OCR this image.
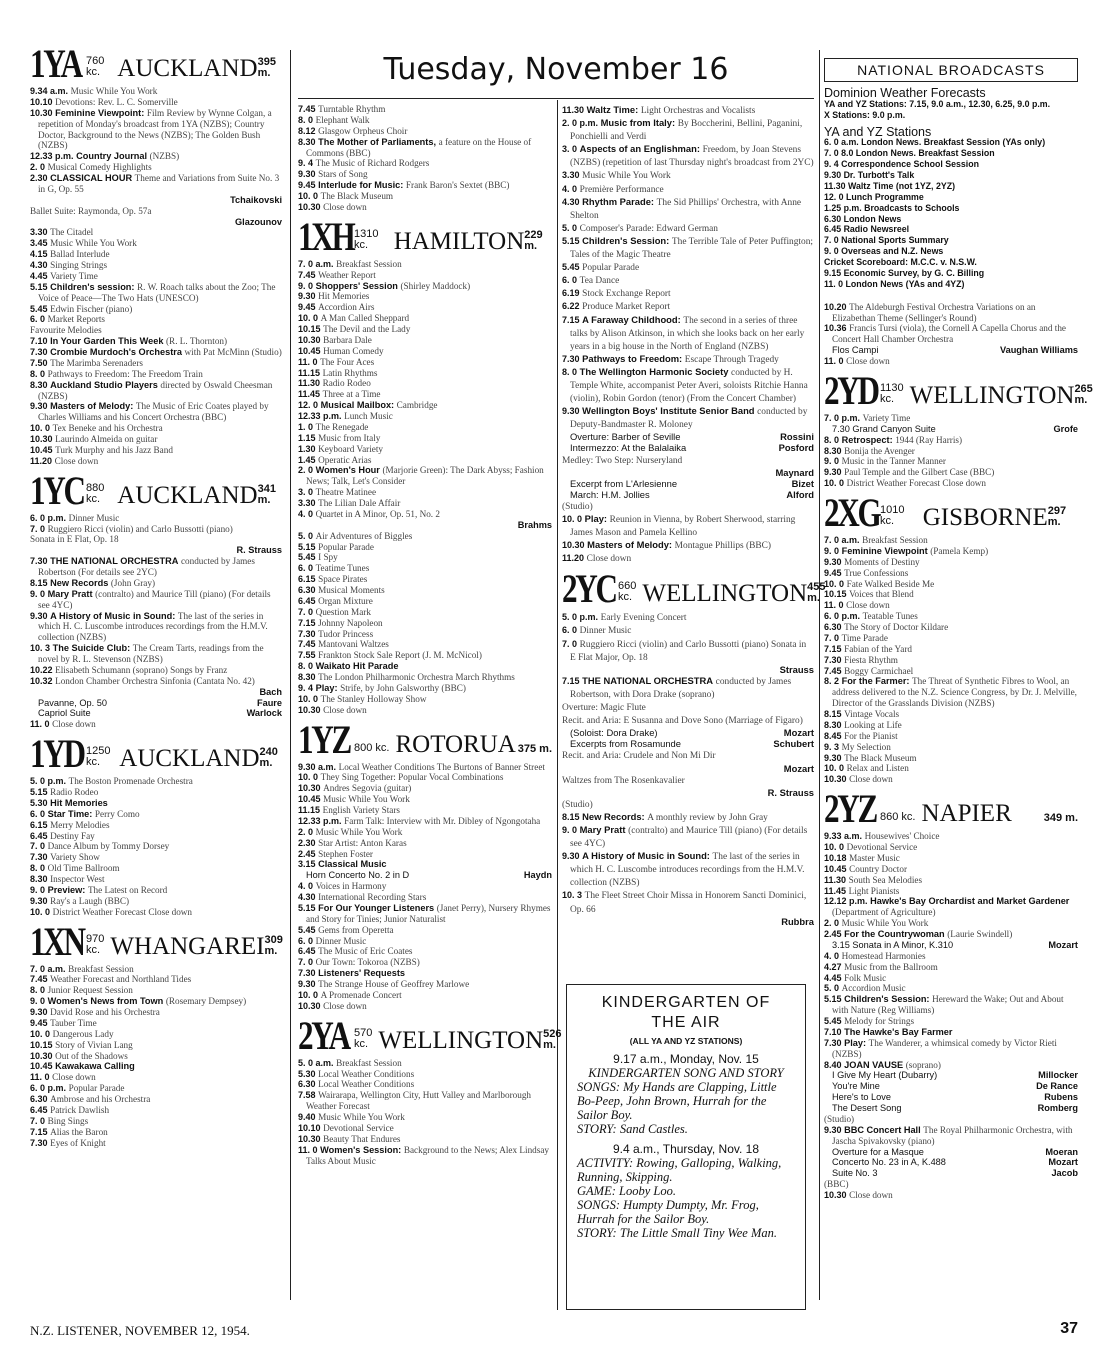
Tuesday, November 16
1YA 760 kc. AUCKLAND 395 m.
9.34 a.m. Music While You Work
10.10 Devotions: Rev. L. C. Somerville
10.30 Feminine Viewpoint: Film Review by Wynne Colgan, a repetition of Monday's broadcast from 1YA (NZBS); Country Doctor, Background to the News (NZBS); The Golden Bush (NZBS)
12.33 p.m. Country Journal (NZBS)
2. 0 Musical Comedy Highlights
2.30 CLASSICAL HOUR Theme and Variations from Suite No. 3 in G, Op. 55
Tchaikovski
Ballet Suite: Raymonda, Op. 57a
Glazounov
3.30 The Citadel
3.45 Music While You Work
4.15 Ballad Interlude
4.30 Singing Strings
4.45 Variety Time
5.15 Children's session: R. W. Roach talks about the Zoo; The Voice of Peace—The Two Hats (UNESCO)
5.45 Edwin Fischer (piano)
6. 0 Market Reports
Favourite Melodies
7.10 In Your Garden This Week (R. L. Thornton)
7.30 Crombie Murdoch's Orchestra with Pat McMinn (Studio)
7.50 The Marimba Serenaders
8. 0 Pathways to Freedom: The Freedom Train
8.30 Auckland Studio Players directed by Oswald Cheesman (NZBS)
9.30 Masters of Melody: The Music of Eric Coates played by Charles Williams and his Concert Orchestra (BBC)
10. 0 Tex Beneke and his Orchestra
10.30 Laurindo Almeida on guitar
10.45 Turk Murphy and his Jazz Band
11.20 Close down
1YC 880 kc. AUCKLAND 341 m.
6. 0 p.m. Dinner Music
7. 0 Ruggiero Ricci (violin) and Carlo Bussotti (piano)
Sonata in E Flat, Op. 18
R. Strauss
7.30 THE NATIONAL ORCHESTRA conducted by James Robertson (For details see 2YC)
8.15 New Records (John Gray)
9. 0 Mary Pratt (contralto) and Maurice Till (piano) (For details see 4YC)
9.30 A History of Music in Sound: The last of the series in which H. C. Luscombe introduces recordings from the H.M.V. collection (NZBS)
10. 3 The Suicide Club: The Cream Tarts, readings from the novel by R. L. Stevenson (NZBS)
10.22 Elisabeth Schumann (soprano) Songs by Franz
10.32 London Chamber Orchestra Sinfonia (Cantata No. 42)
Bach
Pavanne, Op. 50	Faure
Capriol Suite	Warlock
11. 0 Close down
1YD 1250 kc. AUCKLAND 240 m.
5. 0 p.m. The Boston Promenade Orchestra
5.15 Radio Rodeo
5.30 Hit Memories
6. 0 Star Time: Perry Como
6.15 Merry Melodies
6.45 Destiny Fay
7. 0 Dance Album by Tommy Dorsey
7.30 Variety Show
8. 0 Old Time Ballroom
8.30 Inspector West
9. 0 Preview: The Latest on Record
9.30 Ray's a Laugh (BBC)
10. 0 District Weather Forecast Close down
1XN 970 kc. WHANGAREI 309 m.
7. 0 a.m. Breakfast Session
7.45 Weather Forecast and Northland Tides
8. 0 Junior Request Session
9. 0 Women's News from Town (Rosemary Dempsey)
9.30 David Rose and his Orchestra
9.45 Tauber Time
10. 0 Dangerous Lady
10.15 Story of Vivian Lang
10.30 Out of the Shadows
10.45 Kawakawa Calling
11. 0 Close down
6. 0 p.m. Popular Parade
6.30 Ambrose and his Orchestra
6.45 Patrick Dawlish
7. 0 Bing Sings
7.15 Alias the Baron
7.30 Eyes of Knight
7.45 Turntable Rhythm
8. 0 Elephant Walk
8.12 Glasgow Orpheus Choir
8.30 The Mother of Parliaments, a feature on the House of Commons (BBC)
9. 4 The Music of Richard Rodgers
9.30 Stars of Song
9.45 Interlude for Music: Frank Baron's Sextet (BBC)
10. 0 The Black Museum
10.30 Close down
1XH 1310 kc.	HAMILTON 229 m.
7. 0 a.m. Breakfast Session
7.45 Weather Report
9. 0 Shoppers' Session (Shirley Maddock)
9.30 Hit Memories
9.45 Accordion Airs
10. 0 A Man Called Sheppard
10.15 The Devil and the Lady
10.30 Barbara Dale
10.45 Human Comedy
11. 0 The Four Aces
11.15 Latin Rhythms
11.30 Radio Rodeo
11.45 Three at a Time
12. 0 Musical Mailbox: Cambridge
12.33 p.m. Lunch Music
1. 0 The Renegade
1.15 Music from Italy
1.30 Keyboard Variety
1.45 Operatic Arias
2. 0 Women's Hour (Marjorie Green): The Dark Abyss; Fashion News; Talk, Let's Consider
3. 0 Theatre Matinee
3.30 The Lilian Dale Affair
4. 0 Quartet in A Minor, Op. 51, No. 2
Brahms
5. 0 Air Adventures of Biggles
5.15 Popular Parade
5.45 I Spy
6. 0 Teatime Tunes
6.15 Space Pirates
6.30 Musical Moments
6.45 Organ Mixture
7. 0 Question Mark
7.15 Johnny Napoleon
7.30 Tudor Princess
7.45 Mantovani Waltzes
7.55 Frankton Stock Sale Report (J. M. McNicol)
8. 0 Waikato Hit Parade
8.30 The London Philharmonic Orchestra March Rhythms
9. 4 Play: Strife, by John Galsworthy (BBC)
10. 0 The Stanley Holloway Show
10.30 Close down
1YZ 800 kc. ROTORUA 375 m.
9.30 a.m. Local Weather Conditions The Burtons of Banner Street
10. 0 They Sing Together: Popular Vocal Combinations
10.30 Andres Segovia (guitar)
10.45 Music While You Work
11.15 English Variety Stars
12.33 p.m. Farm Talk: Interview with Mr. Dibley of Ngongotaha
2. 0 Music While You Work
2.30 Star Artist: Anton Karas
2.45 Stephen Foster
3.15 Classical Music
Horn Concerto No. 2 in D	Haydn
4. 0 Voices in Harmony
4.30 International Recording Stars
5.15 For Our Younger Listeners (Janet Perry), Nursery Rhymes and Story for Tinies; Junior Naturalist
5.45 Gems from Operetta
6. 0 Dinner Music
6.45 The Music of Eric Coates
7. 0 Our Town: Tokoroa (NZBS)
7.30 Listeners' Requests
9.30 The Strange House of Geoffrey Marlowe
10. 0 A Promenade Concert
10.30 Close down
2YA 570 kc. WELLINGTON 526 m.
5. 0 a.m. Breakfast Session
5.30 Local Weather Conditions
6.30 Local Weather Conditions
7.58 Wairarapa, Wellington City, Hutt Valley and Marlborough Weather Forecast
9.40 Music While You Work
10.10 Devotional Service
10.30 Beauty That Endures
11. 0 Women's Session: Background to the News; Alex Lindsay Talks About Music
11.30 Waltz Time: Light Orchestras and Vocalists
2. 0 p.m. Music from Italy: By Boccherini, Bellini, Paganini, Ponchielli and Verdi
3. 0 Aspects of an Englishman: Freedom, by Joan Stevens (NZBS) (repetition of last Thursday night's broadcast from 2YC)
3.30 Music While You Work
4. 0 Première Performance
4.30 Rhythm Parade: The Sid Phillips' Orchestra, with Anne Shelton
5. 0 Composer's Parade: Edward German
5.15 Children's Session: The Terrible Tale of Peter Puffington; Tales of the Magic Theatre
5.45 Popular Parade
6. 0 Tea Dance
6.19 Stock Exchange Report
6.22 Produce Market Report
7.15 A Faraway Childhood: The second in a series of three talks by Alison Atkinson, in which she looks back on her early years in a big house in the North of England (NZBS)
7.30 Pathways to Freedom: Escape Through Tragedy
8. 0 The Wellington Harmonic Society conducted by H. Temple White, accompanist Peter Averi, soloists Ritchie Hanna (violin), Robin Gordon (tenor) (From the Concert Chamber)
9.30 Wellington Boys' Institute Senior Band conducted by Deputy-Bandmaster R. Moloney
Overture: Barber of Seville	Rossini
Intermezzo: At the Balalaika	Posford
Medley: Two Step: Nurseryland
Maynard
Excerpt from L'Arlesienne	Bizet
March: H.M. Jollies	Alford
(Studio)
10. 0 Play: Reunion in Vienna, by Robert Sherwood, starring James Mason and Pamela Kellino
10.30 Masters of Melody: Montague Phillips (BBC)
11.20 Close down
2YC 660 kc. WELLINGTON 455 m.
5. 0 p.m. Early Evening Concert
6. 0 Dinner Music
7. 0 Ruggiero Ricci (violin) and Carlo Bussotti (piano) Sonata in E Flat Major, Op. 18
Strauss
7.15 THE NATIONAL ORCHESTRA conducted by James Robertson, with Dora Drake (soprano)
Overture: Magic Flute
Recit. and Aria: E Susanna and Dove Sono (Marriage of Figaro)
(Soloist: Dora Drake)	Mozart
Excerpts from Rosamunde	Schubert
Recit. and Aria: Crudele and Non Mi Dir
Mozart
Waltzes from The Rosenkavalier
R. Strauss
(Studio)
8.15 New Records: A monthly review by John Gray
9. 0 Mary Pratt (contralto) and Maurice Till (piano) (For details see 4YC)
9.30 A History of Music in Sound: The last of the series in which H. C. Luscombe introduces recordings from the H.M.V. collection (NZBS)
10. 3 The Fleet Street Choir Missa in Honorem Sancti Dominici, Op. 66
Rubbra
NATIONAL BROADCASTS
Dominion Weather Forecasts
YA and YZ Stations: 7.15, 9.0 a.m., 12.30, 6.25, 9.0 p.m.
X Stations: 9.0 p.m.
YA and YZ Stations
6. 0 a.m. London News. Breakfast Session (YAs only)
7. 0 8.0 London News. Breakfast Session
9. 4 Correspondence School Session
9.30 Dr. Turbott's Talk
11.30 Waltz Time (not 1YZ, 2YZ)
12. 0 Lunch Programme
1.25 p.m. Broadcasts to Schools
6.30 London News
6.45 Radio Newsreel
7. 0 National Sports Summary
9. 0 Overseas and N.Z. News
Cricket Scoreboard: M.C.C. v. N.S.W.
9.15 Economic Survey, by G. C. Billing
11. 0 London News (YAs and 4YZ)
10.20 The Aldeburgh Festival Orchestra Variations on an Elizabethan Theme (Sellinger's Round)
10.36 Francis Tursi (viola), the Cornell A Capella Chorus and the Concert Hall Chamber Orchestra
Flos Campi	Vaughan Williams
11. 0 Close down
2YD 1130 kc. WELLINGTON 265 m.
7. 0 p.m. Variety Time
7.30 Grand Canyon Suite	Grofe
8. 0 Retrospect: 1944 (Ray Harris)
8.30 Bonija the Avenger
9. 0 Music in the Tanner Manner
9.30 Paul Temple and the Gilbert Case (BBC)
10. 0 District Weather Forecast Close down
2XG 1010 kc.	GISBORNE 297 m.
7. 0 a.m. Breakfast Session
9. 0 Feminine Viewpoint (Pamela Kemp)
9.30 Moments of Destiny
9.45 True Confessions
10. 0 Fate Walked Beside Me
10.15 Voices that Blend
11. 0 Close down
6. 0 p.m. Teatable Tunes
6.30 The Story of Doctor Kildare
7. 0 Time Parade
7.15 Fabian of the Yard
7.30 Fiesta Rhythm
7.45 Boggy Carmichael
8. 2 For the Farmer: The Threat of Synthetic Fibres to Wool, an address delivered to the N.Z. Science Congress, by Dr. J. Melville, Director of the Grasslands Division (NZBS)
8.15 Vintage Vocals
8.30 Looking at Life
8.45 For the Pianist
9. 3 My Selection
9.30 The Black Museum
10. 0 Relax and Listen
10.30 Close down
2YZ 860 kc. NAPIER	349 m.
9.33 a.m. Housewives' Choice
10. 0 Devotional Service
10.18 Master Music
10.45 Country Doctor
11.30 South Sea Melodies
11.45 Light Pianists
12.12 p.m. Hawke's Bay Orchardist and Market Gardener (Department of Agriculture)
2. 0 Music While You Work
2.45 For the Countrywoman (Laurie Swindell)
3.15 Sonata in A Minor, K.310	Mozart
4. 0 Homestead Harmonies
4.27 Music from the Ballroom
4.45 Folk Music
5. 0 Accordion Music
5.15 Children's Session: Hereward the Wake; Out and About with Nature (Reg Williams)
5.45 Melody for Strings
7.10 The Hawke's Bay Farmer
7.30 Play: The Wanderer, a whimsical comedy by Victor Rieti (NZBS)
8.40 JOAN VAUSE (soprano)
I Give My Heart (Dubarry)	Millocker
You're Mine	De Rance
Here's to Love	Rubens
The Desert Song	Romberg
(Studio)
9.30 BBC Concert Hall The Royal Philharmonic Orchestra, with Jascha Spivakovsky (piano)
Overture for a Masque	Moeran
Concerto No. 23 in A, K.488	Mozart
Suite No. 3	Jacob
(BBC)
10.30 Close down
KINDERGARTEN OF
THE AIR
(ALL YA AND YZ STATIONS)
9.17 a.m., Monday, Nov. 15
KINDERGARTEN SONG AND STORY
SONGS: My Hands are Clapping, Little Bo-Peep, John Brown, Hurrah for the Sailor Boy.
STORY: Sand Castles.
9.4 a.m., Thursday, Nov. 18
ACTIVITY: Rowing, Galloping, Walking, Running, Skipping.
GAME: Looby Loo.
SONGS: Humpty Dumpty, Mr. Frog, Hurrah for the Sailor Boy.
STORY: The Little Small Tiny Wee Man.
N.Z. LISTENER, NOVEMBER 12, 1954.	37
